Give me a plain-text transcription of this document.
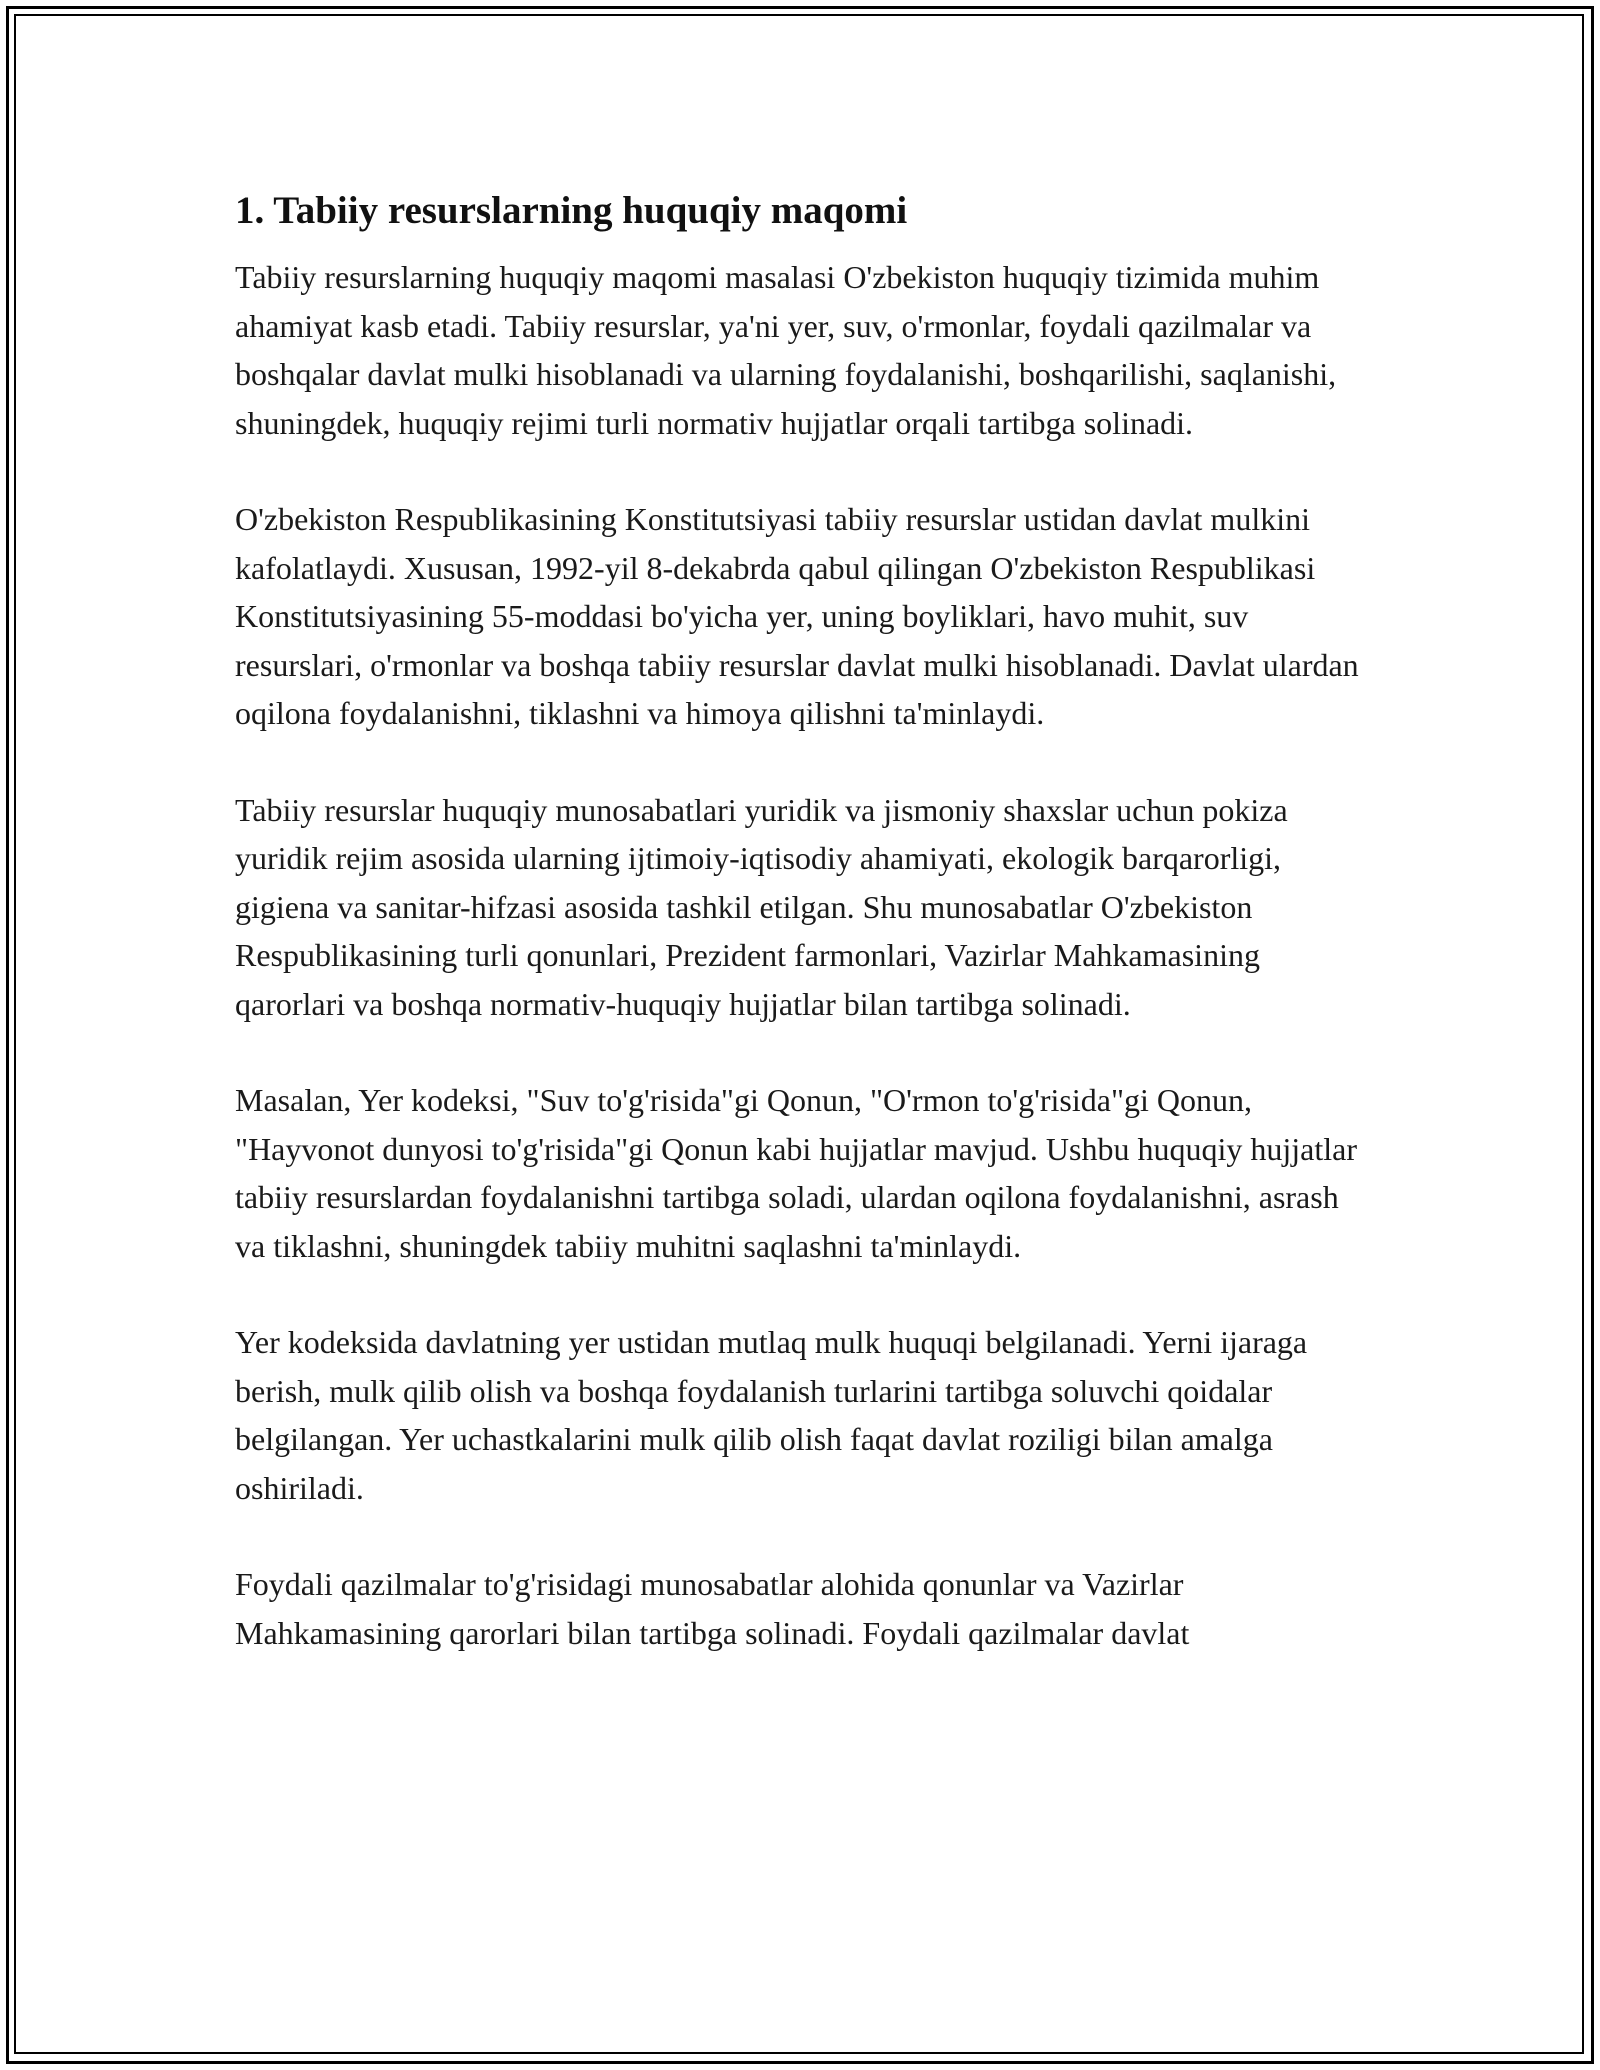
1. Tabiiy resurslarning huquqiy maqomi

Tabiiy resurslarning huquqiy maqomi masalasi O'zbekiston huquqiy tizimida muhim ahamiyat kasb etadi. Tabiiy resurslar, ya'ni yer, suv, o'rmonlar, foydali qazilmalar va boshqalar davlat mulki hisoblanadi va ularning foydalanishi, boshqarilishi, saqlanishi, shuningdek, huquqiy rejimi turli normativ hujjatlar orqali tartibga solinadi.

O'zbekiston Respublikasining Konstitutsiyasi tabiiy resurslar ustidan davlat mulkini kafolatlaydi. Xususan, 1992-yil 8-dekabrda qabul qilingan O'zbekiston Respublikasi Konstitutsiyasining 55-moddasi bo'yicha yer, uning boyliklari, havo muhit, suv resurslari, o'rmonlar va boshqa tabiiy resurslar davlat mulki hisoblanadi. Davlat ulardan oqilona foydalanishni, tiklashni va himoya qilishni ta'minlaydi.

Tabiiy resurslar huquqiy munosabatlari yuridik va jismoniy shaxslar uchun pokiza yuridik rejim asosida ularning ijtimoiy-iqtisodiy ahamiyati, ekologik barqarorligi, gigiena va sanitar-hifzasi asosida tashkil etilgan. Shu munosabatlar O'zbekiston Respublikasining turli qonunlari, Prezident farmonlari, Vazirlar Mahkamasining qarorlari va boshqa normativ-huquqiy hujjatlar bilan tartibga solinadi.

Masalan, Yer kodeksi, "Suv to'g'risida"gi Qonun, "O'rmon to'g'risida"gi Qonun, "Hayvonot dunyosi to'g'risida"gi Qonun kabi hujjatlar mavjud. Ushbu huquqiy hujjatlar tabiiy resurslardan foydalanishni tartibga soladi, ulardan oqilona foydalanishni, asrash va tiklashni, shuningdek tabiiy muhitni saqlashni ta'minlaydi.

Yer kodeksida davlatning yer ustidan mutlaq mulk huquqi belgilanadi. Yerni ijaraga berish, mulk qilib olish va boshqa foydalanish turlarini tartibga soluvchi qoidalar belgilangan. Yer uchastkalarini mulk qilib olish faqat davlat roziligi bilan amalga oshiriladi.

Foydali qazilmalar to'g'risidagi munosabatlar alohida qonunlar va Vazirlar Mahkamasining qarorlari bilan tartibga solinadi. Foydali qazilmalar davlat
